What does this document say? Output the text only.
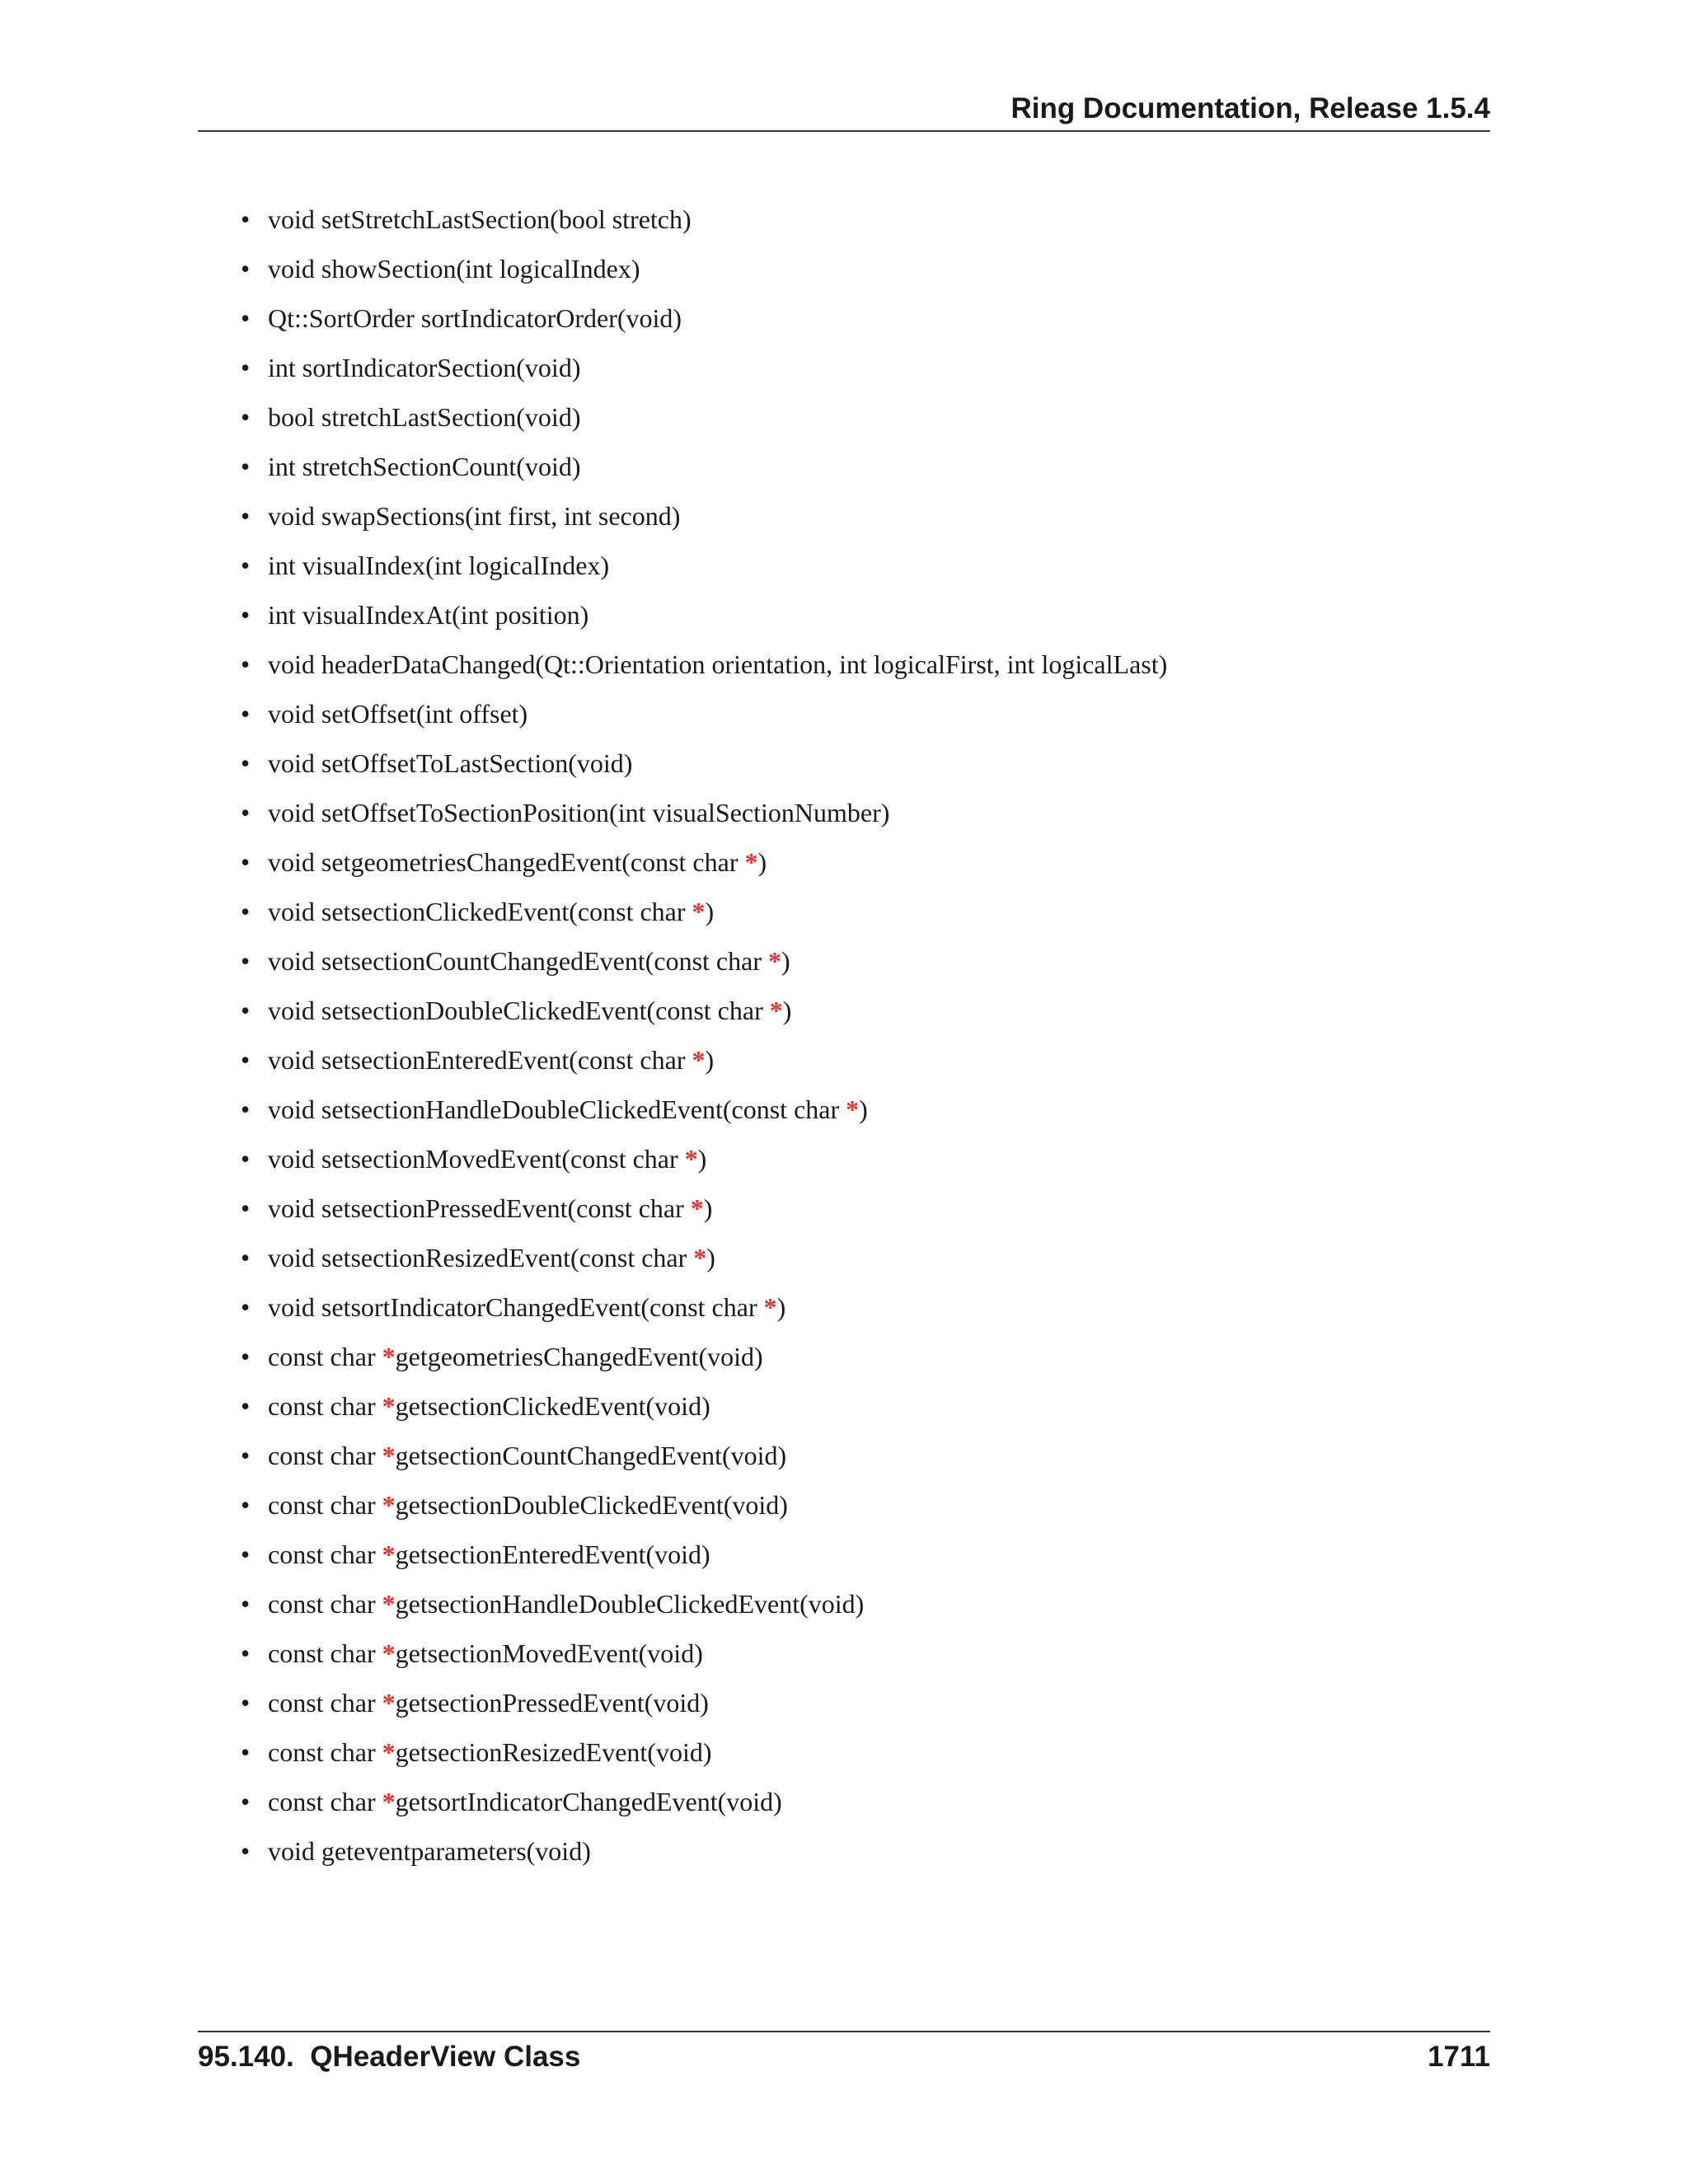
Ring Documentation, Release 1.5.4
• void setStretchLastSection(bool stretch)
• void showSection(int logicalIndex)
• Qt::SortOrder sortIndicatorOrder(void)
• int sortIndicatorSection(void)
• bool stretchLastSection(void)
• int stretchSectionCount(void)
• void swapSections(int first, int second)
• int visualIndex(int logicalIndex)
• int visualIndexAt(int position)
• void headerDataChanged(Qt::Orientation orientation, int logicalFirst, int logicalLast)
• void setOffset(int offset)
• void setOffsetToLastSection(void)
• void setOffsetToSectionPosition(int visualSectionNumber)
• void setgeometriesChangedEvent(const char *)
• void setsectionClickedEvent(const char *)
• void setsectionCountChangedEvent(const char *)
• void setsectionDoubleClickedEvent(const char *)
• void setsectionEnteredEvent(const char *)
• void setsectionHandleDoubleClickedEvent(const char *)
• void setsectionMovedEvent(const char *)
• void setsectionPressedEvent(const char *)
• void setsectionResizedEvent(const char *)
• void setsortIndicatorChangedEvent(const char *)
• const char *getgeometriesChangedEvent(void)
• const char *getsectionClickedEvent(void)
• const char *getsectionCountChangedEvent(void)
• const char *getsectionDoubleClickedEvent(void)
• const char *getsectionEnteredEvent(void)
• const char *getsectionHandleDoubleClickedEvent(void)
• const char *getsectionMovedEvent(void)
• const char *getsectionPressedEvent(void)
• const char *getsectionResizedEvent(void)
• const char *getsortIndicatorChangedEvent(void)
• void geteventparameters(void)
95.140.  QHeaderView Class	1711
